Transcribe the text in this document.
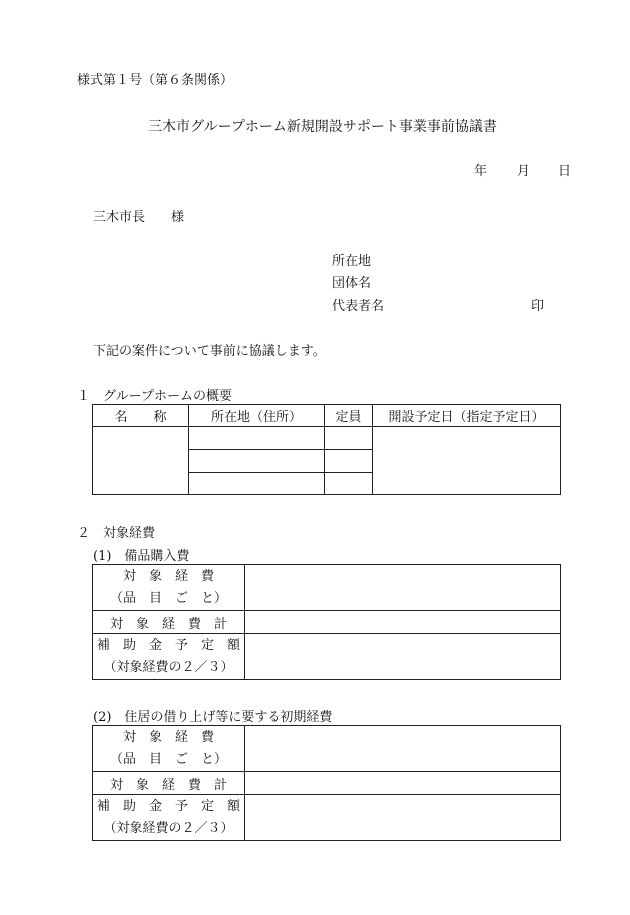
様式第１号（第６条関係）
三木市グループホーム新規開設サポート事業事前協議書
年 月 日
三木市長　　様
所在地
団体名
代表者名	印
下記の案件について事前に協議します。
１　グループホームの概要
名　　称	所在地（住所）	定員	開設予定日（指定予定日）

２　対象経費
(1)　備品購入費
対　象　経　費
（品　目　ご　と）	

対　象　経　費　計	

補　助　金　予　定　額
（対象経費の２／３）	

(2)　住居の借り上げ等に要する初期経費
対　象　経　費
（品　目　ご　と）	

対　象　経　費　計	

補　助　金　予　定　額
（対象経費の２／３）	
